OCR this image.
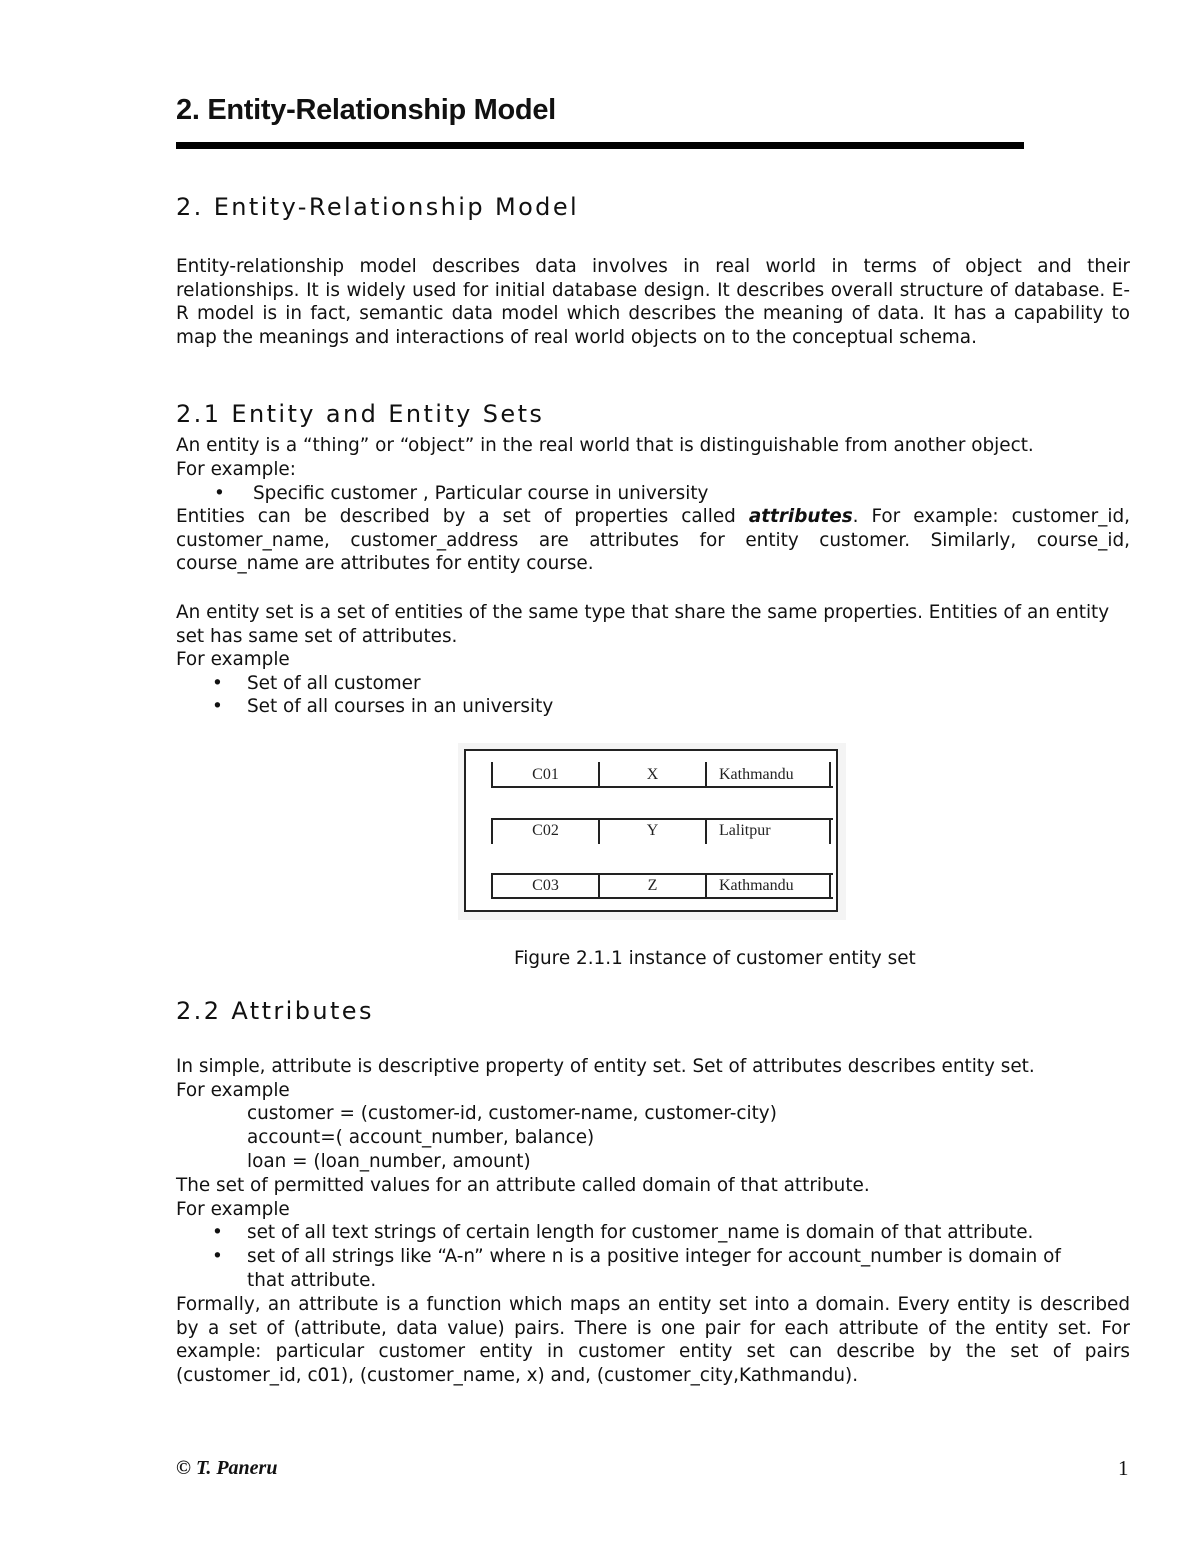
2. Entity-Relationship Model
2. Entity-Relationship Model
Entity-relationship model describes data involves in real world in terms of object and their relationships. It is widely used for initial database design. It describes overall structure of database. E-R model is in fact, semantic data model which describes the meaning of data. It has a capability to map the meanings and interactions of real world objects on to the conceptual schema.
2.1 Entity and Entity Sets
An entity is a “thing” or “object” in the real world that is distinguishable from another object.
For example:
• Specific customer , Particular course in university
Entities can be described by a set of properties called attributes. For example: customer_id, customer_name, customer_address are attributes for entity customer. Similarly, course_id, course_name are attributes for entity course.
An entity set is a set of entities of the same type that share the same properties. Entities of an entity set has same set of attributes.
For example
• Set of all customer
• Set of all courses in an university
C01	X	Kathmandu
C02	Y	Lalitpur
C03	Z	Kathmandu
Figure 2.1.1 instance of customer entity set
2.2 Attributes
In simple, attribute is descriptive property of entity set. Set of attributes describes entity set.
For example
customer = (customer-id, customer-name, customer-city)
account=( account_number, balance)
loan = (loan_number, amount)
The set of permitted values for an attribute called domain of that attribute.
For example
• set of all text strings of certain length for customer_name is domain of that attribute.
• set of all strings like “A-n” where n is a positive integer for account_number is domain of
that attribute.
Formally, an attribute is a function which maps an entity set into a domain. Every entity is described by a set of (attribute, data value) pairs. There is one pair for each attribute of the entity set. For example: particular customer entity in customer entity set can describe by the set of pairs (customer_id, c01), (customer_name, x) and, (customer_city,Kathmandu).
© T. Paneru	1
